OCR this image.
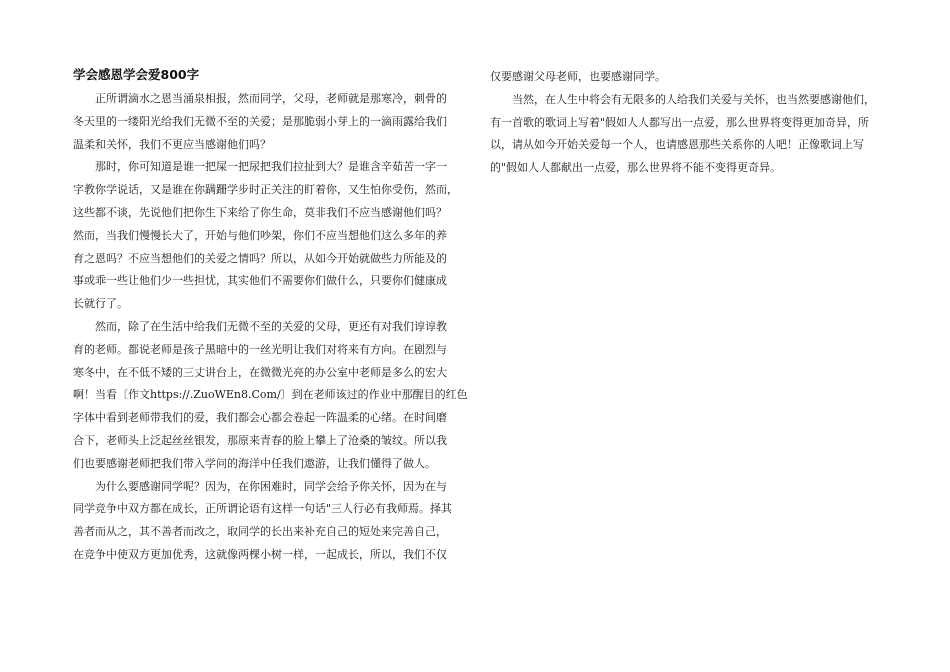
学会感恩学会爱800字

正所谓滴水之恩当涌泉相报，然而同学，父母，老师就是那寒冷，刺骨的
冬天里的一缕阳光给我们无微不至的关爱；是那脆弱小芽上的一滴雨露给我们
温柔和关怀，我们不更应当感谢他们吗？

那时，你可知道是谁一把屎一把尿把我们拉扯到大？是谁含辛茹苦一字一
字教你学说话，又是谁在你蹒跚学步时正关注的盯着你，又生怕你受伤，然而，
这些都不谈，先说他们把你生下来给了你生命，莫非我们不应当感谢他们吗？
然而，当我们慢慢长大了，开始与他们吵架，你们不应当想他们这么多年的养
育之恩吗？不应当想他们的关爱之情吗？所以，从如今开始就做些力所能及的
事或乖一些让他们少一些担忧，其实他们不需要你们做什么，只要你们健康成
长就行了。

然而，除了在生活中给我们无微不至的关爱的父母，更还有对我们谆谆教
育的老师。都说老师是孩子黑暗中的一丝光明让我们对将来有方向。在剧烈与
寒冬中，在不低不矮的三丈讲台上，在微微光亮的办公室中老师是多么的宏大
啊！当看〔作文https://.ZuoWEn8.Com/〕到在老师该过的作业中那醒目的红色
字体中看到老师带我们的爱，我们都会心都会卷起一阵温柔的心绪。在时间磨
合下，老师头上泛起丝丝银发，那原来青春的脸上攀上了沧桑的皱纹。所以我
们也要感谢老师把我们带入学问的海洋中任我们遨游，让我们懂得了做人。

为什么要感谢同学呢？因为，在你困难时，同学会给予你关怀，因为在与
同学竞争中双方都在成长，正所谓论语有这样一句话"三人行必有我师焉。择其
善者而从之，其不善者而改之，取同学的长出来补充自己的短处来完善自己，
在竞争中使双方更加优秀，这就像两棵小树一样，一起成长，所以，我们不仅

仅要感谢父母老师，也要感谢同学。

当然，在人生中将会有无限多的人给我们关爱与关怀，也当然要感谢他们，
有一首歌的歌词上写着"假如人人都写出一点爱，那么世界将变得更加奇异，所
以，请从如今开始关爱每一个人，也请感恩那些关系你的人吧！正像歌词上写
的"假如人人都献出一点爱，那么世界将不能不变得更奇异。
